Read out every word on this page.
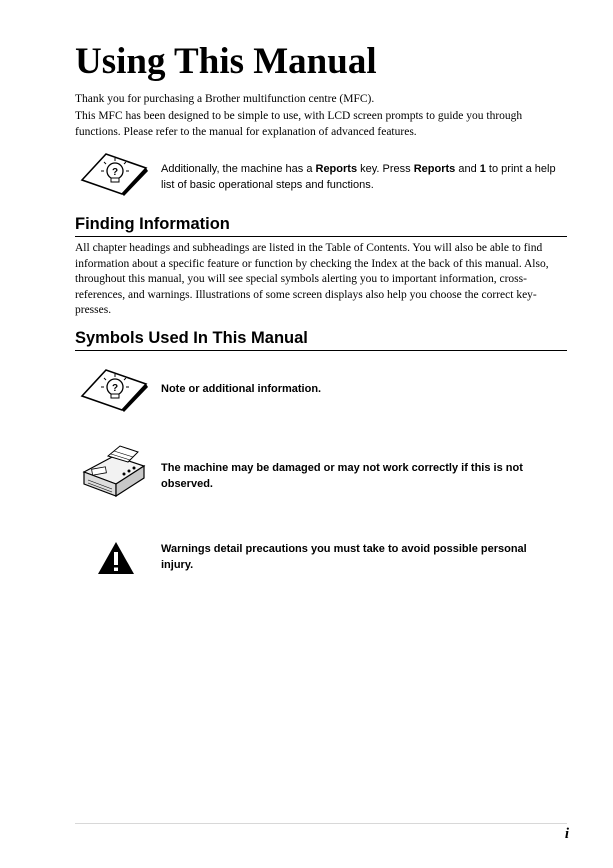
Using This Manual

Thank you for purchasing a Brother multifunction centre (MFC).

This MFC has been designed to be simple to use, with LCD screen prompts to guide you through functions. Please refer to the manual for explanation of advanced features.

?	Additionally, the machine has a Reports key. Press Reports and 1 to print a help list of basic operational steps and functions.

Finding Information

All chapter headings and subheadings are listed in the Table of Contents. You will also be able to find information about a specific feature or function by checking the Index at the back of this manual. Also, throughout this manual, you will see special symbols alerting you to important information, cross-references, and warnings. Illustrations of some screen displays also help you choose the correct key-presses.

Symbols Used In This Manual
?	Note or additional information.

The machine may be damaged or may not work correctly if this is not observed.

Warnings detail precautions you must take to avoid possible personal injury.

i
